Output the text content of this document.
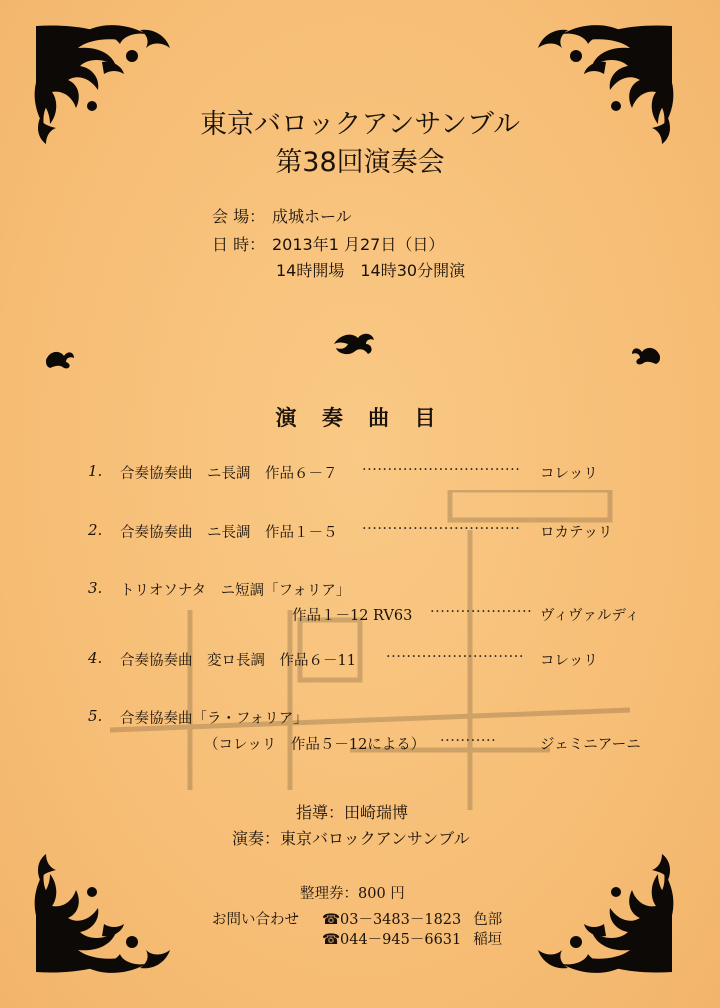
東京バロックアンサンブル
第38回演奏会
会 場： 成城ホール
日 時： 2013年1 月27日（日）
14時開場　14時30分開演
演 奏 曲 目
1. 合奏協奏曲　ニ長調　作品６－７ ······························· コレッリ
2. 合奏協奏曲　ニ長調　作品１－５ ······························· ロカテッリ
3. トリオソナタ　ニ短調「フォリア」
作品１－12 RV63 ···················· ヴィヴァルディ
4. 合奏協奏曲　変ロ長調　作品６－11 ··························· コレッリ
5. 合奏協奏曲「ラ・フォリア」
（コレッリ　作品５－12による） ···········	ジェミニアーニ
指導：田崎瑞博
演奏：東京バロックアンサンブル
整理券：800 円
お問い合わせ ☎03－3483－1823 色部
☎044－945－6631 稲垣
